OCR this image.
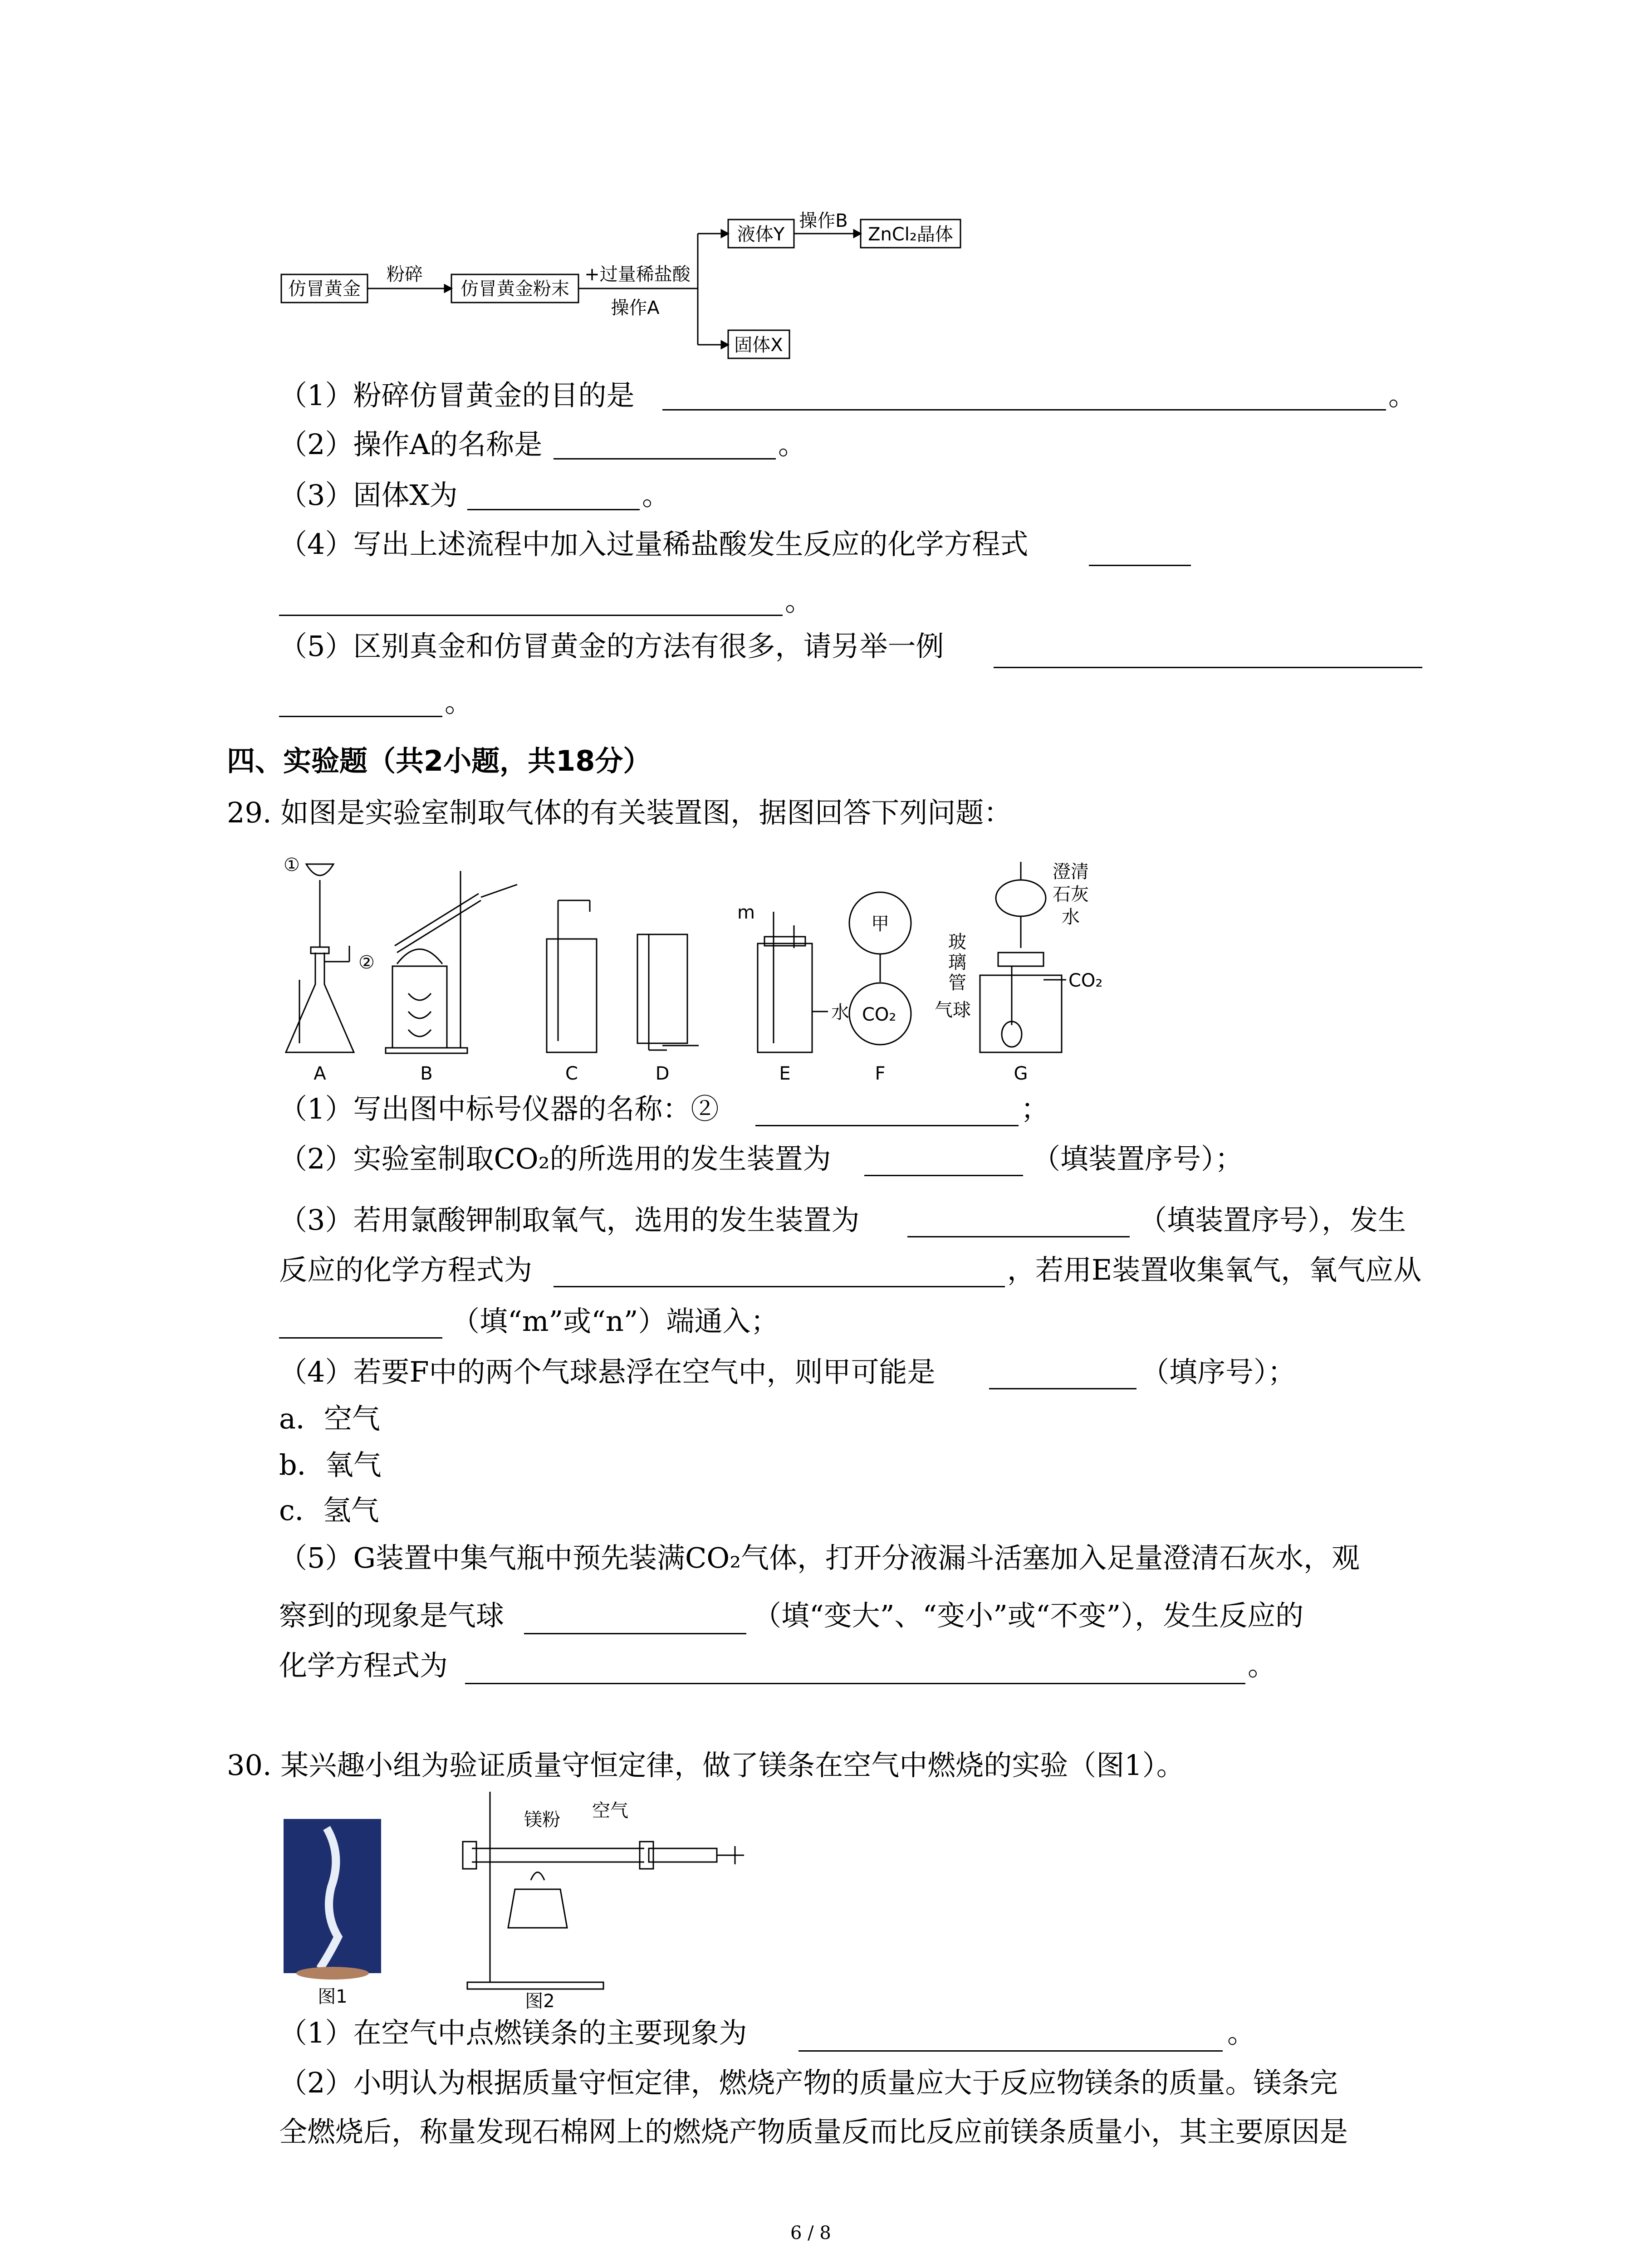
仿冒黄金
粉碎
仿冒黄金粉末
+过量稀盐酸
操作A
液体Y
操作B
ZnCl₂晶体
固体X
（1）粉碎仿冒黄金的目的是	。
（2）操作A的名称是	。
（3）固体X为	。
（4）写出上述流程中加入过量稀盐酸发生反应的化学方程式
。
（5）区别真金和仿冒黄金的方法有很多，请另举一例
。
四、实验题（共2小题，共18分）
29. 如图是实验室制取气体的有关装置图，据图回答下列问题：
①
②
m
水
甲
CO₂
澄清
石灰
水
玻
璃
管
气球
CO₂
A	B	C	D	E	F	G
（1）写出图中标号仪器的名称：②	；
（2）实验室制取CO₂的所选用的发生装置为	（填装置序号）；
（3）若用氯酸钾制取氧气，选用的发生装置为	（填装置序号），发生
反应的化学方程式为	，若用E装置收集氧气，氧气应从
（填“m”或“n”）端通入；
（4）若要F中的两个气球悬浮在空气中，则甲可能是	（填序号）；
a．空气
b．氧气
c．氢气
（5）G装置中集气瓶中预先装满CO₂气体，打开分液漏斗活塞加入足量澄清石灰水，观
察到的现象是气球	（填“变大”、“变小”或“不变”），发生反应的
化学方程式为	。
30. 某兴趣小组为验证质量守恒定律，做了镁条在空气中燃烧的实验（图1）。
图1
镁粉 空气
图2
（1）在空气中点燃镁条的主要现象为	。
（2）小明认为根据质量守恒定律，燃烧产物的质量应大于反应物镁条的质量。镁条完
全燃烧后，称量发现石棉网上的燃烧产物质量反而比反应前镁条质量小，其主要原因是
6 / 8
